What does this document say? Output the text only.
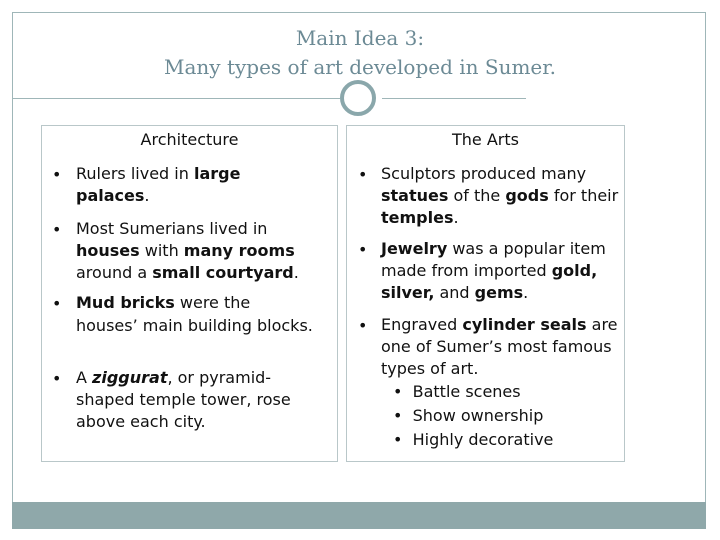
Main Idea 3:
Many types of art developed in Sumer.
Architecture	The Arts
• Rulers lived in large
palaces.
• Most Sumerians lived in
houses with many rooms
around a small courtyard.
• Mud bricks were the houses’ main building blocks.
• A ziggurat, or pyramid-shaped temple tower, rose above each city.
• Sculptors produced many statues of the gods for their temples.
• Jewelry was a popular item made from imported gold, silver, and gems.
• Engraved cylinder seals are one of Sumer’s most famous types of art.
• Battle scenes
• Show ownership
• Highly decorative
